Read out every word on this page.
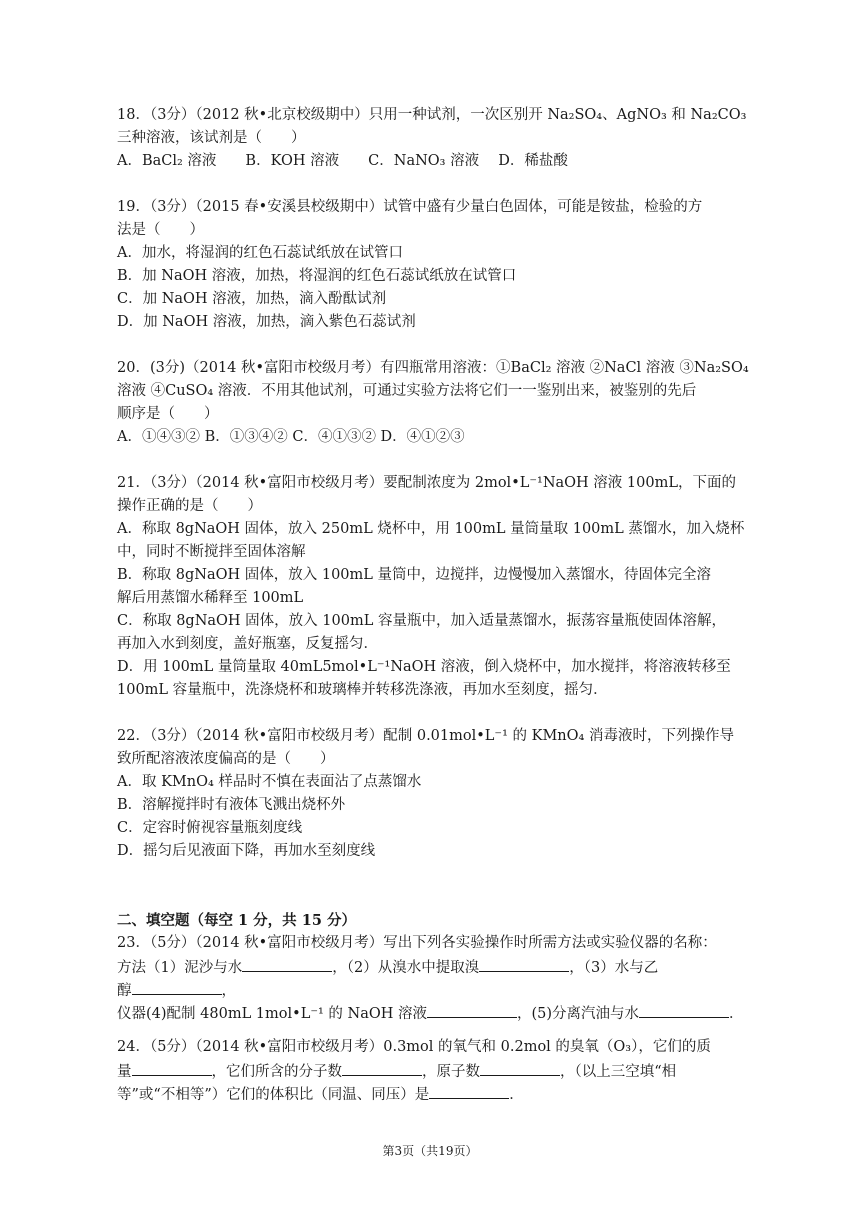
18．（3分）（2012 秋•北京校级期中）只用一种试剂，一次区别开 Na₂SO₄、AgNO₃ 和 Na₂CO₃
三种溶液，该试剂是（　　）
A．BaCl₂ 溶液　　B．KOH 溶液　　C．NaNO₃ 溶液　 D．稀盐酸
19．（3分）（2015 春•安溪县校级期中）试管中盛有少量白色固体，可能是铵盐，检验的方
法是（　　）
A．加水，将湿润的红色石蕊试纸放在试管口
B．加 NaOH 溶液，加热，将湿润的红色石蕊试纸放在试管口
C．加 NaOH 溶液，加热，滴入酚酞试剂
D．加 NaOH 溶液，加热，滴入紫色石蕊试剂
20．(3分)（2014 秋•富阳市校级月考）有四瓶常用溶液：①BaCl₂ 溶液 ②NaCl 溶液 ③Na₂SO₄
溶液 ④CuSO₄ 溶液．不用其他试剂，可通过实验方法将它们一一鉴别出来，被鉴别的先后
顺序是（　　）
A．①④③② B．①③④② C．④①③② D．④①②③
21．（3分）（2014 秋•富阳市校级月考）要配制浓度为 2mol•L⁻¹NaOH 溶液 100mL，下面的
操作正确的是（　　）
A．称取 8gNaOH 固体，放入 250mL 烧杯中，用 100mL 量筒量取 100mL 蒸馏水，加入烧杯
中，同时不断搅拌至固体溶解
B．称取 8gNaOH 固体，放入 100mL 量筒中，边搅拌，边慢慢加入蒸馏水，待固体完全溶
解后用蒸馏水稀释至 100mL
C．称取 8gNaOH 固体，放入 100mL 容量瓶中，加入适量蒸馏水，振荡容量瓶使固体溶解，
再加入水到刻度，盖好瓶塞，反复摇匀．
D．用 100mL 量筒量取 40mL5mol•L⁻¹NaOH 溶液，倒入烧杯中，加水搅拌，将溶液转移至
100mL 容量瓶中，洗涤烧杯和玻璃棒并转移洗涤液，再加水至刻度，摇匀．
22．（3分）（2014 秋•富阳市校级月考）配制 0.01mol•L⁻¹ 的 KMnO₄ 消毒液时，下列操作导
致所配溶液浓度偏高的是（　　）
A．取 KMnO₄ 样品时不慎在表面沾了点蒸馏水
B．溶解搅拌时有液体飞溅出烧杯外
C．定容时俯视容量瓶刻度线
D．摇匀后见液面下降，再加水至刻度线
二、填空题（每空 1 分，共 15 分）
23．（5分）（2014 秋•富阳市校级月考）写出下列各实验操作时所需方法或实验仪器的名称：
方法（1）泥沙与水	，（2）从溴水中提取溴	，（3）水与乙
醇	，
仪器(4)配制 480mL 1mol•L⁻¹ 的 NaOH 溶液	，(5)分离汽油与水	．
24．（5分）（2014 秋•富阳市校级月考）0.3mol 的氧气和 0.2mol 的臭氧（O₃），它们的质
量	，它们所含的分子数	，原子数	，（以上三空填“相
等”或“不相等”）它们的体积比（同温、同压）是	．
第3页（共19页）
